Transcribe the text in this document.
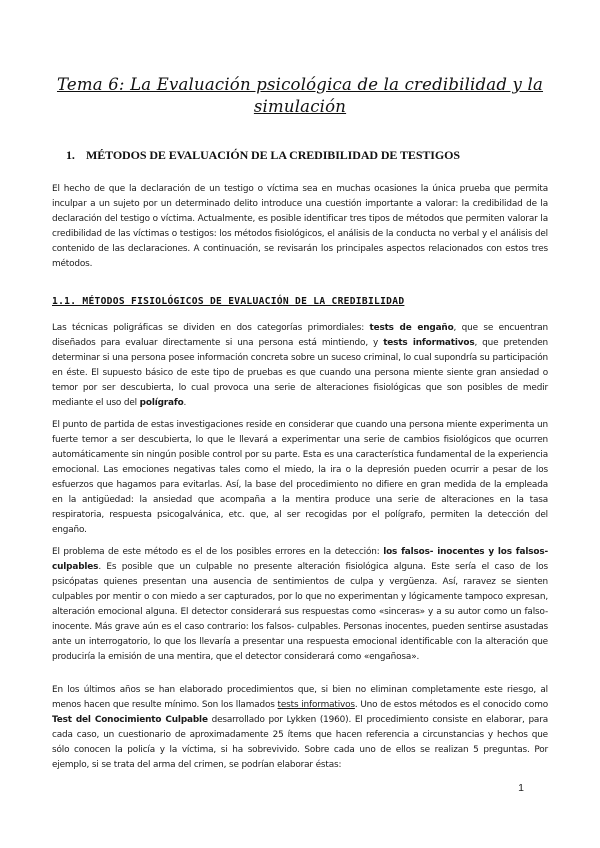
Tema 6: La Evaluación psicológica de la credibilidad y la simulación
1. MÉTODOS DE EVALUACIÓN DE LA CREDIBILIDAD DE TESTIGOS
El hecho de que la declaración de un testigo o víctima sea en muchas ocasiones la única prueba que permita inculpar a un sujeto por un determinado delito introduce una cuestión importante a valorar: la credibilidad de la declaración del testigo o víctima. Actualmente, es posible identificar tres tipos de métodos que permiten valorar la credibilidad de las víctimas o testigos: los métodos fisiológicos, el análisis de la conducta no verbal y el análisis del contenido de las declaraciones. A continuación, se revisarán los principales aspectos relacionados con estos tres métodos.
1.1. MÉTODOS FISIOLÓGICOS DE EVALUACIÓN DE LA CREDIBILIDAD
Las técnicas poligráficas se dividen en dos categorías primordiales: tests de engaño, que se encuentran diseñados para evaluar directamente si una persona está mintiendo, y tests informativos, que pretenden determinar si una persona posee información concreta sobre un suceso criminal, lo cual supondría su participación en éste. El supuesto básico de este tipo de pruebas es que cuando una persona miente siente gran ansiedad o temor por ser descubierta, lo cual provoca una serie de alteraciones fisiológicas que son posibles de medir mediante el uso del polígrafo.
El punto de partida de estas investigaciones reside en considerar que cuando una persona miente experimenta un fuerte temor a ser descubierta, lo que le llevará a experimentar una serie de cambios fisiológicos que ocurren automáticamente sin ningún posible control por su parte. Esta es una característica fundamental de la experiencia emocional. Las emociones negativas tales como el miedo, la ira o la depresión pueden ocurrir a pesar de los esfuerzos que hagamos para evitarlas. Así, la base del procedimiento no difiere en gran medida de la empleada en la antigüedad: la ansiedad que acompaña a la mentira produce una serie de alteraciones en la tasa respiratoria, respuesta psicogalvánica, etc. que, al ser recogidas por el polígrafo, permiten la detección del engaño.
El problema de este método es el de los posibles errores en la detección: los falsos- inocentes y los falsos-culpables. Es posible que un culpable no presente alteración fisiológica alguna. Este sería el caso de los psicópatas quienes presentan una ausencia de sentimientos de culpa y vergüenza. Así, raravez se sienten culpables por mentir o con miedo a ser capturados, por lo que no experimentan y lógicamente tampoco expresan, alteración emocional alguna. El detector considerará sus respuestas como «sinceras» y a su autor como un falso-inocente. Más grave aún es el caso contrario: los falsos- culpables. Personas inocentes, pueden sentirse asustadas ante un interrogatorio, lo que los llevaría a presentar una respuesta emocional identificable con la alteración que produciría la emisión de una mentira, que el detector considerará como «engañosa».
En los últimos años se han elaborado procedimientos que, si bien no eliminan completamente este riesgo, al menos hacen que resulte mínimo. Son los llamados tests informativos. Uno de estos métodos es el conocido como Test del Conocimiento Culpable desarrollado por Lykken (1960). El procedimiento consiste en elaborar, para cada caso, un cuestionario de aproximadamente 25 ítems que hacen referencia a circunstancias y hechos que sólo conocen la policía y la víctima, si ha sobrevivido. Sobre cada uno de ellos se realizan 5 preguntas. Por ejemplo, si se trata del arma del crimen, se podrían elaborar éstas:
1
